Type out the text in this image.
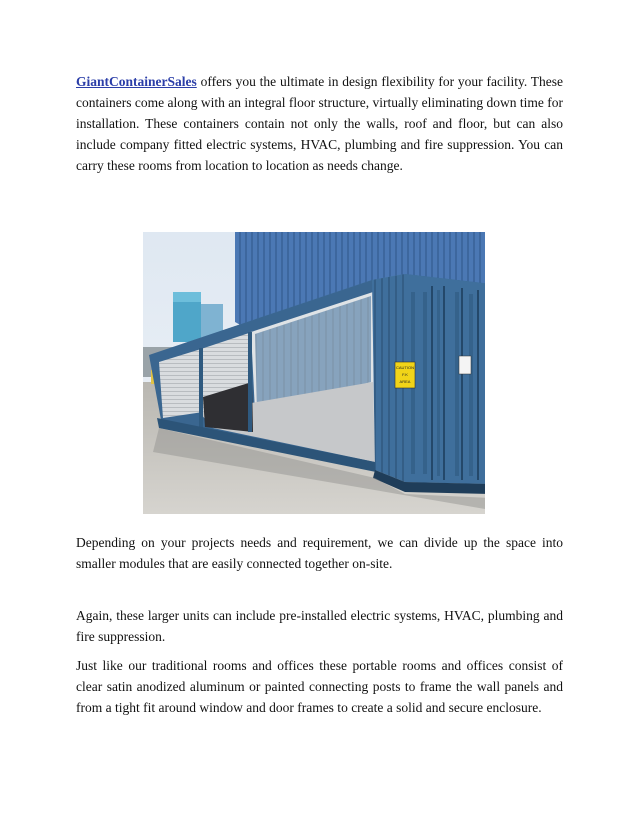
GiantContainerSales offers you the ultimate in design flexibility for your facility. These containers come along with an integral floor structure, virtually eliminating down time for installation. These containers contain not only the walls, roof and floor, but can also include company fitted electric systems, HVAC, plumbing and fire suppression. You can carry these rooms from location to location as needs change.

CAUTION
F.K
AREA

Depending on your projects needs and requirement, we can divide up the space into smaller modules that are easily connected together on-site.

Again, these larger units can include pre-installed electric systems, HVAC, plumbing and fire suppression.

Just like our traditional rooms and offices these portable rooms and offices consist of clear satin anodized aluminum or painted connecting posts to frame the wall panels and from a tight fit around window and door frames to create a solid and secure enclosure.
